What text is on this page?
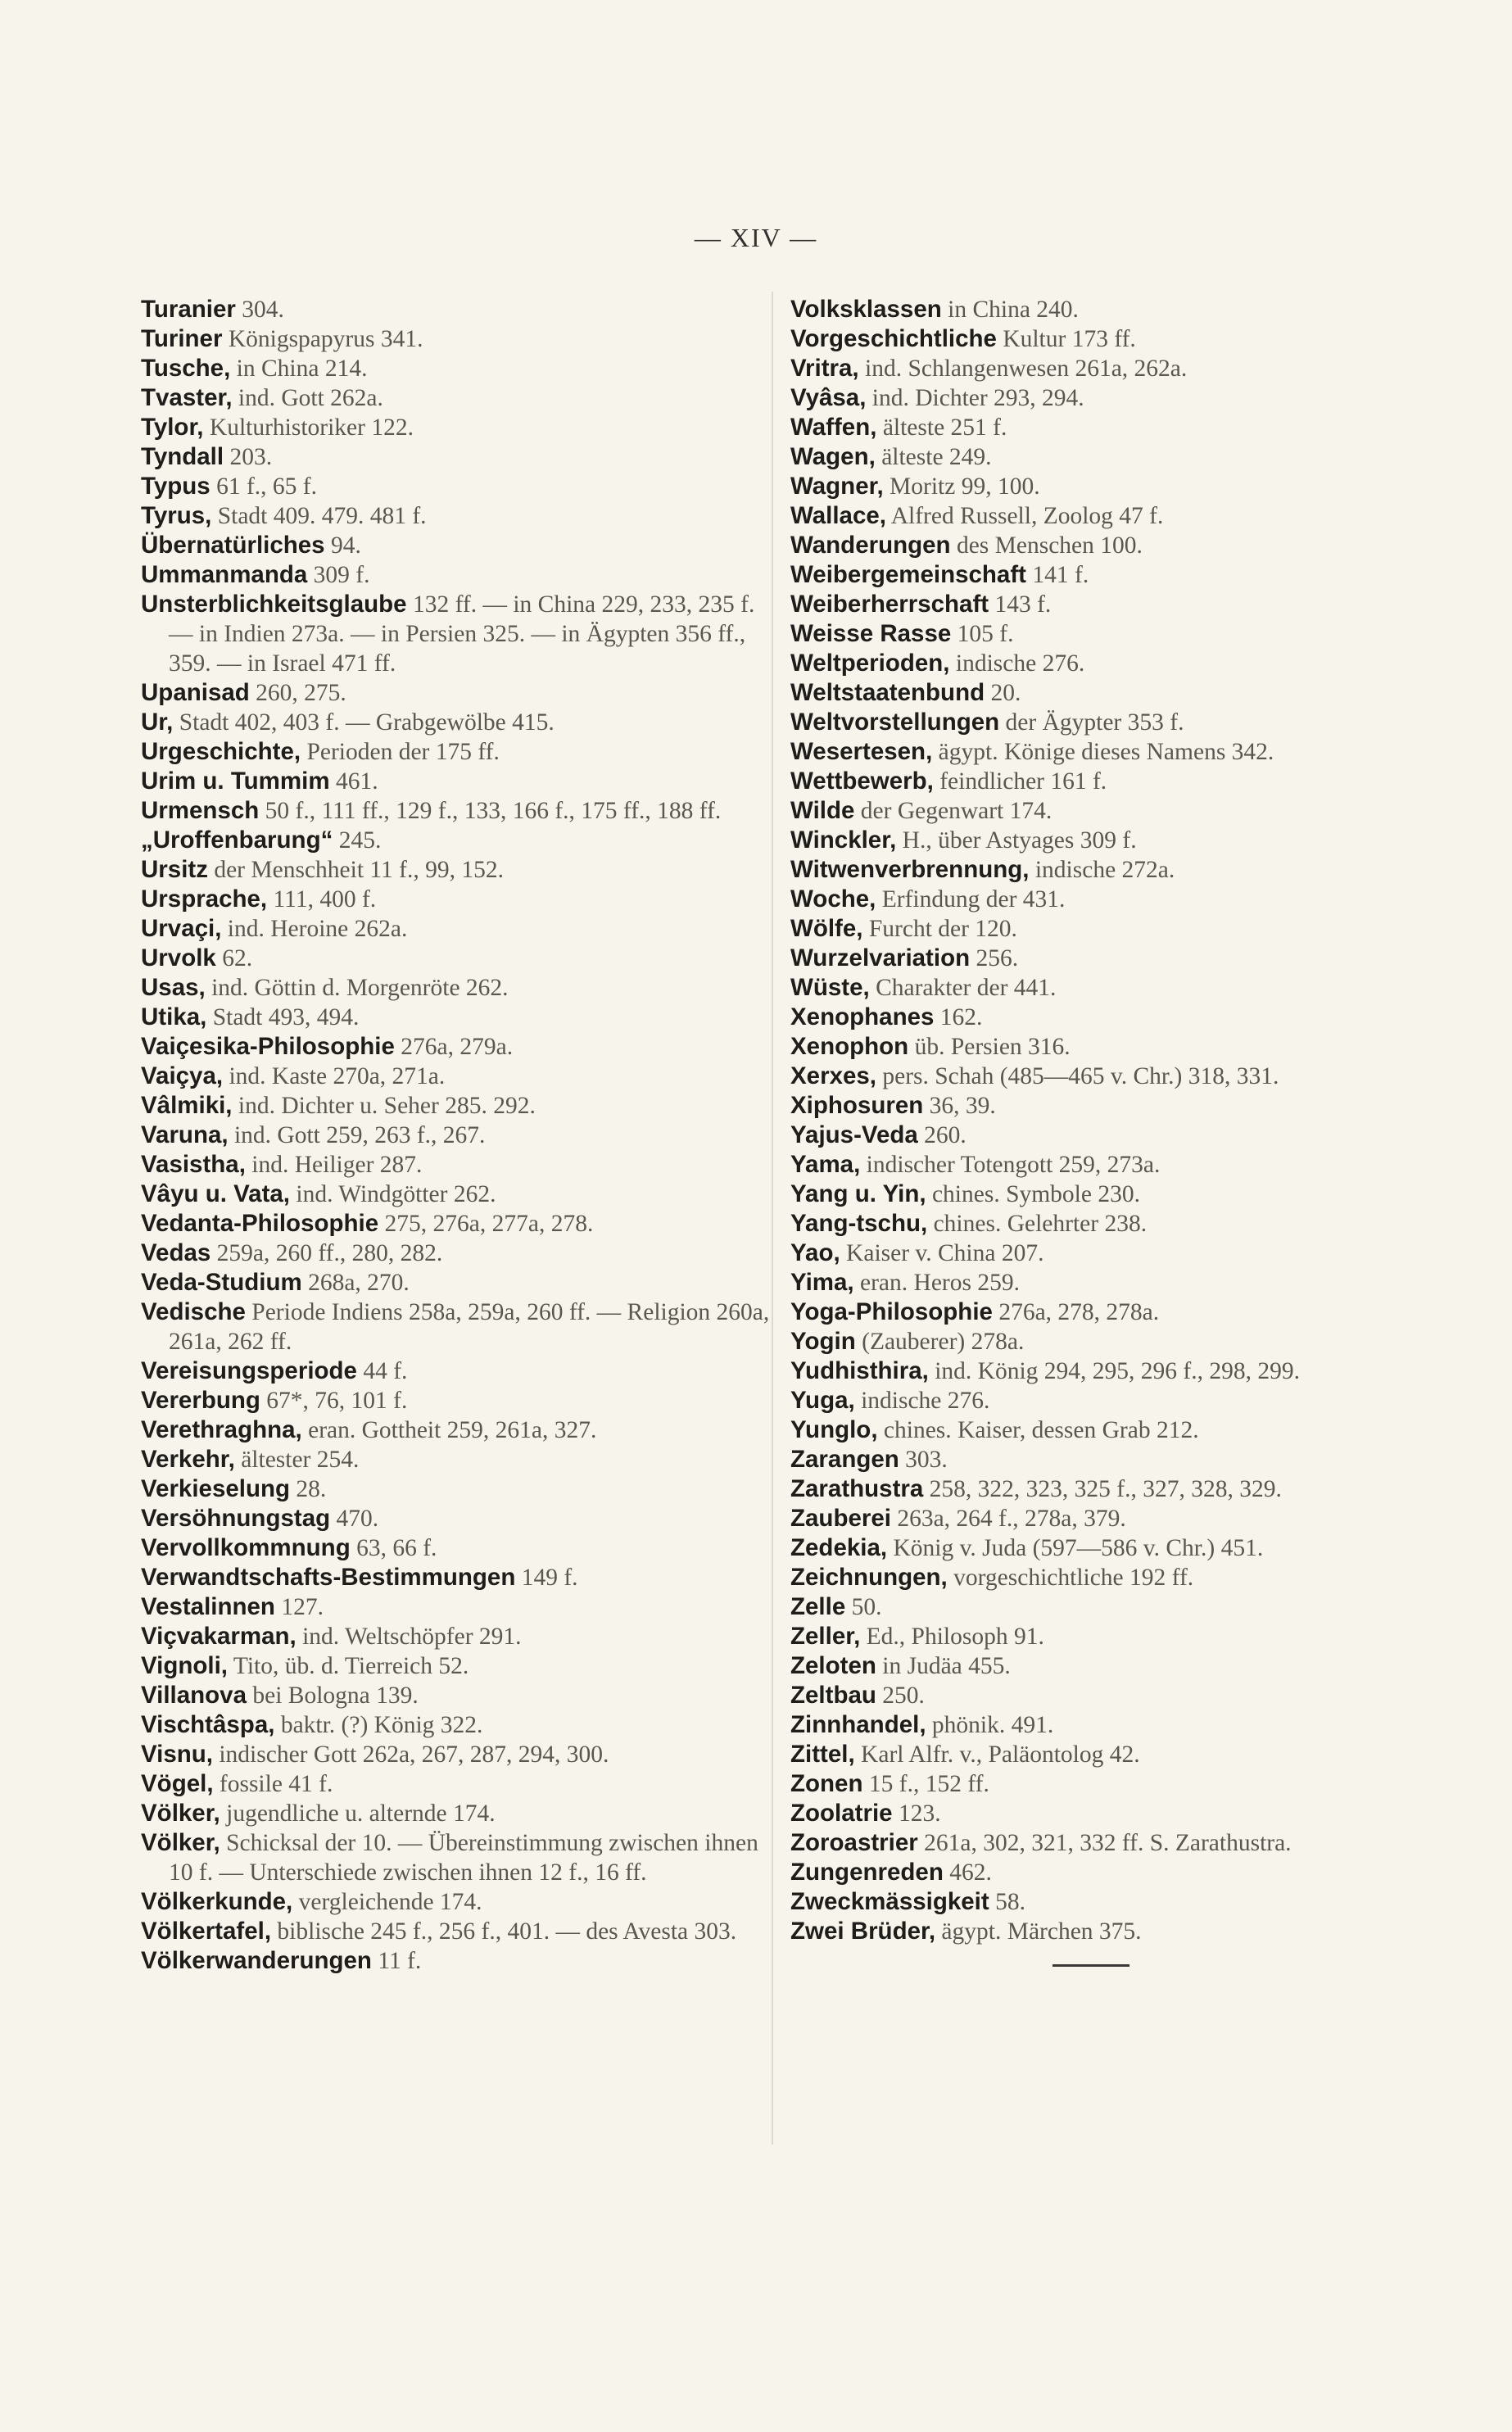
— XIV —

Turanier 304.

Turiner Königspapyrus 341.

Tusche, in China 214.

Tvaster, ind. Gott 262a.

Tylor, Kulturhistoriker 122.

Tyndall 203.

Typus 61 f., 65 f.

Tyrus, Stadt 409. 479. 481 f.

Übernatürliches 94.

Ummanmanda 309 f.

Unsterblichkeitsglaube 132 ff. — in China 229, 233, 235 f. — in Indien 273a. — in Persien 325. — in Ägypten 356 ff., 359. — in Israel 471 ff.

Upanisad 260, 275.

Ur, Stadt 402, 403 f. — Grabgewölbe 415.

Urgeschichte, Perioden der 175 ff.

Urim u. Tummim 461.

Urmensch 50 f., 111 ff., 129 f., 133, 166 f., 175 ff., 188 ff.

„Uroffenbarung“ 245.

Ursitz der Menschheit 11 f., 99, 152.

Ursprache, 111, 400 f.

Urvaçi, ind. Heroine 262a.

Urvolk 62.

Usas, ind. Göttin d. Morgenröte 262.

Utika, Stadt 493, 494.

Vaiçesika-Philosophie 276a, 279a.

Vaiçya, ind. Kaste 270a, 271a.

Vâlmiki, ind. Dichter u. Seher 285. 292.

Varuna, ind. Gott 259, 263 f., 267.

Vasistha, ind. Heiliger 287.

Vâyu u. Vata, ind. Windgötter 262.

Vedanta-Philosophie 275, 276a, 277a, 278.

Vedas 259a, 260 ff., 280, 282.

Veda-Studium 268a, 270.

Vedische Periode Indiens 258a, 259a, 260 ff. — Religion 260a, 261a, 262 ff.

Vereisungsperiode 44 f.

Vererbung 67*, 76, 101 f.

Verethraghna, eran. Gottheit 259, 261a, 327.

Verkehr, ältester 254.

Verkieselung 28.

Versöhnungstag 470.

Vervollkommnung 63, 66 f.

Verwandtschafts-Bestimmungen 149 f.

Vestalinnen 127.

Viçvakarman, ind. Weltschöpfer 291.

Vignoli, Tito, üb. d. Tierreich 52.

Villanova bei Bologna 139.

Vischtâspa, baktr. (?) König 322.

Visnu, indischer Gott 262a, 267, 287, 294, 300.

Vögel, fossile 41 f.

Völker, jugendliche u. alternde 174.

Völker, Schicksal der 10. — Übereinstimmung zwischen ihnen 10 f. — Unterschiede zwischen ihnen 12 f., 16 ff.

Völkerkunde, vergleichende 174.

Völkertafel, biblische 245 f., 256 f., 401. — des Avesta 303.

Völkerwanderungen 11 f.

Volksklassen in China 240.

Vorgeschichtliche Kultur 173 ff.

Vritra, ind. Schlangenwesen 261a, 262a.

Vyâsa, ind. Dichter 293, 294.

Waffen, älteste 251 f.

Wagen, älteste 249.

Wagner, Moritz 99, 100.

Wallace, Alfred Russell, Zoolog 47 f.

Wanderungen des Menschen 100.

Weibergemeinschaft 141 f.

Weiberherrschaft 143 f.

Weisse Rasse 105 f.

Weltperioden, indische 276.

Weltstaatenbund 20.

Weltvorstellungen der Ägypter 353 f.

Wesertesen, ägypt. Könige dieses Namens 342.

Wettbewerb, feindlicher 161 f.

Wilde der Gegenwart 174.

Winckler, H., über Astyages 309 f.

Witwenverbrennung, indische 272a.

Woche, Erfindung der 431.

Wölfe, Furcht der 120.

Wurzelvariation 256.

Wüste, Charakter der 441.

Xenophanes 162.

Xenophon üb. Persien 316.

Xerxes, pers. Schah (485—465 v. Chr.) 318, 331.

Xiphosuren 36, 39.

Yajus-Veda 260.

Yama, indischer Totengott 259, 273a.

Yang u. Yin, chines. Symbole 230.

Yang-tschu, chines. Gelehrter 238.

Yao, Kaiser v. China 207.

Yima, eran. Heros 259.

Yoga-Philosophie 276a, 278, 278a.

Yogin (Zauberer) 278a.

Yudhisthira, ind. König 294, 295, 296 f., 298, 299.

Yuga, indische 276.

Yunglo, chines. Kaiser, dessen Grab 212.

Zarangen 303.

Zarathustra 258, 322, 323, 325 f., 327, 328, 329.

Zauberei 263a, 264 f., 278a, 379.

Zedekia, König v. Juda (597—586 v. Chr.) 451.

Zeichnungen, vorgeschichtliche 192 ff.

Zelle 50.

Zeller, Ed., Philosoph 91.

Zeloten in Judäa 455.

Zeltbau 250.

Zinnhandel, phönik. 491.

Zittel, Karl Alfr. v., Paläontolog 42.

Zonen 15 f., 152 ff.

Zoolatrie 123.

Zoroastrier 261a, 302, 321, 332 ff. S. Zarathustra.

Zungenreden 462.

Zweckmässigkeit 58.

Zwei Brüder, ägypt. Märchen 375.
